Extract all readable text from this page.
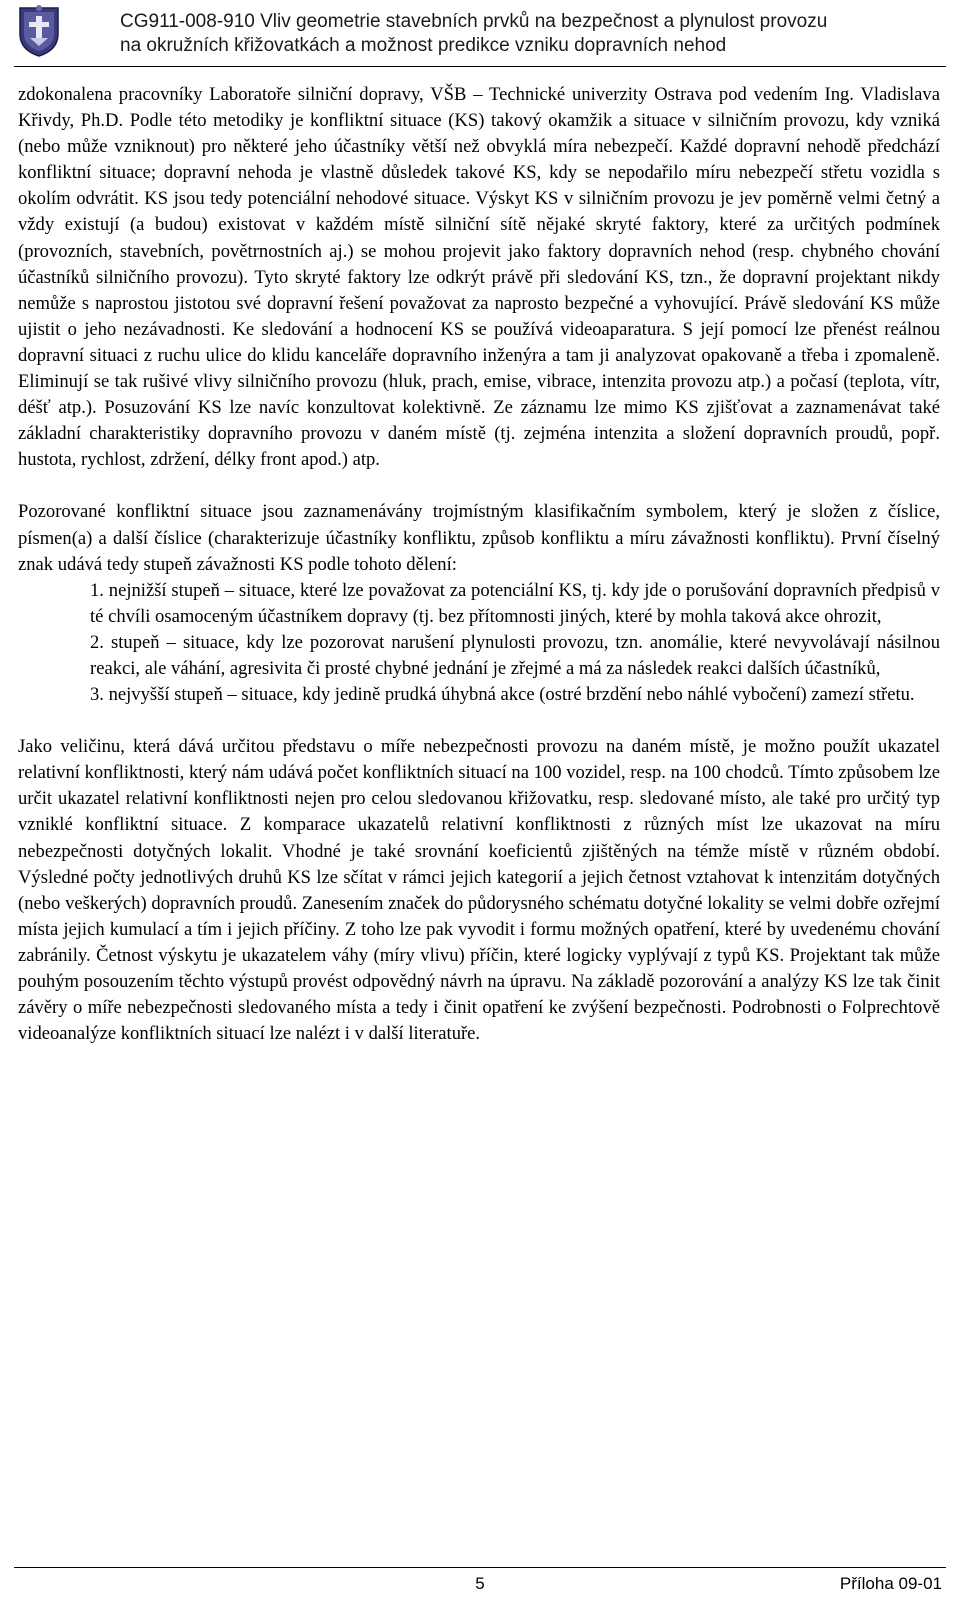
CG911-008-910 Vliv geometrie stavebních prvků na bezpečnost a plynulost provozu
na okružních křižovatkách a možnost predikce vzniku dopravních nehod

zdokonalena pracovníky Laboratoře silniční dopravy, VŠB – Technické univerzity Ostrava pod vedením Ing. Vladislava Křivdy, Ph.D. Podle této metodiky je konfliktní situace (KS) takový okamžik a situace v silničním provozu, kdy vzniká (nebo může vzniknout) pro některé jeho účastníky větší než obvyklá míra nebezpečí. Každé dopravní nehodě předchází konfliktní situace; dopravní nehoda je vlastně důsledek takové KS, kdy se nepodařilo míru nebezpečí střetu vozidla s okolím odvrátit. KS jsou tedy potenciální nehodové situace. Výskyt KS v silničním provozu je jev poměrně velmi četný a vždy existují (a budou) existovat v každém místě silniční sítě nějaké skryté faktory, které za určitých podmínek (provozních, stavebních, povětrnostních aj.) se mohou projevit jako faktory dopravních nehod (resp. chybného chování účastníků silničního provozu). Tyto skryté faktory lze odkrýt právě při sledování KS, tzn., že dopravní projektant nikdy nemůže s naprostou jistotou své dopravní řešení považovat za naprosto bezpečné a vyhovující. Právě sledování KS může ujistit o jeho nezávadnosti. Ke sledování a hodnocení KS se používá videoaparatura. S její pomocí lze přenést reálnou dopravní situaci z ruchu ulice do klidu kanceláře dopravního inženýra a tam ji analyzovat opakovaně a třeba i zpomaleně. Eliminují se tak rušivé vlivy silničního provozu (hluk, prach, emise, vibrace, intenzita provozu atp.) a počasí (teplota, vítr, déšť atp.). Posuzování KS lze navíc konzultovat kolektivně. Ze záznamu lze mimo KS zjišťovat a zaznamenávat také základní charakteristiky dopravního provozu v daném místě (tj. zejména intenzita a složení dopravních proudů, popř. hustota, rychlost, zdržení, délky front apod.) atp.

Pozorované konfliktní situace jsou zaznamenávány trojmístným klasifikačním symbolem, který je složen z číslice, písmen(a) a další číslice (charakterizuje účastníky konfliktu, způsob konfliktu a míru závažnosti konfliktu). První číselný znak udává tedy stupeň závažnosti KS podle tohoto dělení:

1. nejnižší stupeň – situace, které lze považovat za potenciální KS, tj. kdy jde o porušování dopravních předpisů v té chvíli osamoceným účastníkem dopravy (tj. bez přítomnosti jiných, které by mohla taková akce ohrozit,

2. stupeň – situace, kdy lze pozorovat narušení plynulosti provozu, tzn. anomálie, které nevyvolávají násilnou reakci, ale váhání, agresivita či prosté chybné jednání je zřejmé a má za následek reakci dalších účastníků,

3. nejvyšší stupeň – situace, kdy jedině prudká úhybná akce (ostré brzdění nebo náhlé vybočení) zamezí střetu.

Jako veličinu, která dává určitou představu o míře nebezpečnosti provozu na daném místě, je možno použít ukazatel relativní konfliktnosti, který nám udává počet konfliktních situací na 100 vozidel, resp. na 100 chodců. Tímto způsobem lze určit ukazatel relativní konfliktnosti nejen pro celou sledovanou křižovatku, resp. sledované místo, ale také pro určitý typ vzniklé konfliktní situace. Z komparace ukazatelů relativní konfliktnosti z různých míst lze ukazovat na míru nebezpečnosti dotyčných lokalit. Vhodné je také srovnání koeficientů zjištěných na témže místě v různém období. Výsledné počty jednotlivých druhů KS lze sčítat v rámci jejich kategorií a jejich četnost vztahovat k intenzitám dotyčných (nebo veškerých) dopravních proudů. Zanesením značek do půdorysného schématu dotyčné lokality se velmi dobře ozřejmí místa jejich kumulací a tím i jejich příčiny. Z toho lze pak vyvodit i formu možných opatření, které by uvedenému chování zabránily. Četnost výskytu je ukazatelem váhy (míry vlivu) příčin, které logicky vyplývají z typů KS. Projektant tak může pouhým posouzením těchto výstupů provést odpovědný návrh na úpravu. Na základě pozorování a analýzy KS lze tak činit závěry o míře nebezpečnosti sledovaného místa a tedy i činit opatření ke zvýšení bezpečnosti. Podrobnosti o Folprechtově videoanalýze konfliktních situací lze nalézt i v další literatuře.

5	Příloha 09-01
